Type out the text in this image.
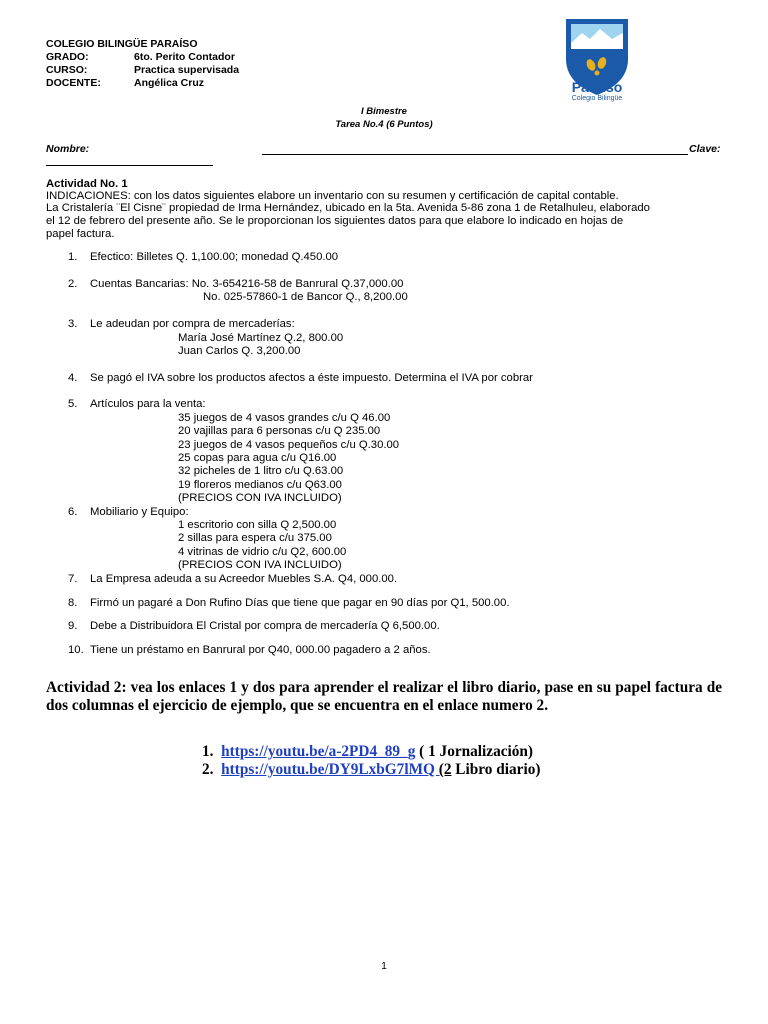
COLEGIO BILINGÜE PARAÍSO
GRADO:	6to. Perito Contador
CURSO:	Practica supervisada
DOCENTE:	Angélica Cruz	Paraíso
Colegio Bilingüe
I Bimestre
Tarea No.4 (6 Puntos)
Nombre:	Clave:
Actividad No. 1
INDICACIONES: con los datos siguientes elabore un inventario con su resumen y certificación de capital contable.
La Cristalería ¨El Cisne¨ propiedad de Irma Hernández, ubicado en la 5ta. Avenida 5-86 zona 1 de Retalhuleu, elaborado
el 12 de febrero del presente año. Se le proporcionan los siguientes datos para que elabore lo indicado en hojas de
papel factura.
1. Efectico: Billetes Q. 1,100.00; monedad Q.450.00
2. Cuentas Bancarias: No. 3-654216-58 de Banrural Q.37,000.00
No. 025-57860-1 de Bancor Q., 8,200.00
3. Le adeudan por compra de mercaderías:
María José Martínez Q.2, 800.00
Juan Carlos Q. 3,200.00
4. Se pagó el IVA sobre los productos afectos a éste impuesto. Determina el IVA por cobrar
5. Artículos para la venta:
35 juegos de 4 vasos grandes c/u Q 46.00
20 vajillas para 6 personas c/u Q 235.00
23 juegos de 4 vasos pequeños c/u Q.30.00
25 copas para agua c/u Q16.00
32 picheles de 1 litro c/u Q.63.00
19 floreros medianos c/u Q63.00
(PRECIOS CON IVA INCLUIDO)
6. Mobiliario y Equipo:
1 escritorio con silla Q 2,500.00
2 sillas para espera c/u 375.00
4 vitrinas de vidrio c/u Q2, 600.00
(PRECIOS CON IVA INCLUIDO)
7. La Empresa adeuda a su Acreedor Muebles S.A. Q4, 000.00.
8. Firmó un pagaré a Don Rufino Días que tiene que pagar en 90 días por Q1, 500.00.
9. Debe a Distribuidora El Cristal por compra de mercadería Q 6,500.00.
10. Tiene un préstamo en Banrural por Q40, 000.00 pagadero a 2 años.
Actividad 2: vea los enlaces 1 y dos para aprender el realizar el libro diario, pase en su papel factura de dos columnas el ejercicio de ejemplo, que se encuentra en el enlace numero 2.
1. https://youtu.be/a-2PD4_89_g ( 1 Jornalización)
2. https://youtu.be/DY9LxbG7lMQ (2 Libro diario)
1
